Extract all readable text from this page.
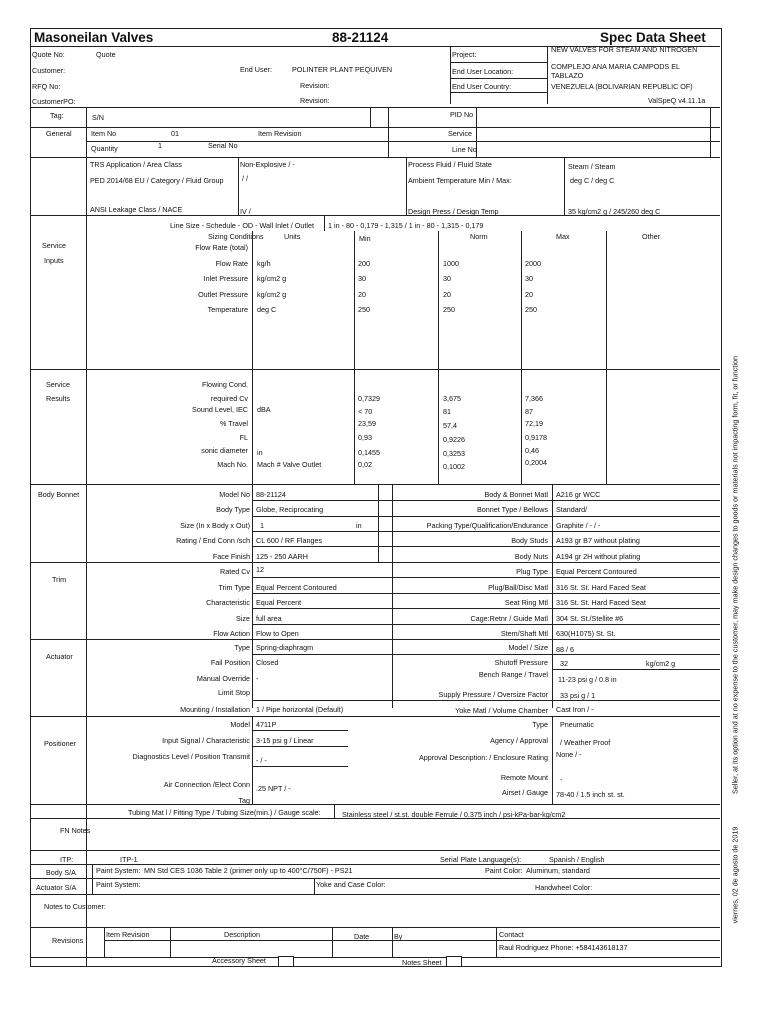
Masoneilan Valves	88-21124	Spec Data Sheet
Quote No:	Quote
Customer:	End User:	POLINTER PLANT PEQUIVEN
RFQ No:	Revision:
CustomerPO:	Revision:
Project:
NEW VALVES FOR STEAM AND NITROGEN
End User Location:
COMPLEJO ANA MARIA CAMPODS EL
TABLAZO
End User Country:	VENEZUELA (BOLIVARIAN REPUBLIC OF)
ValSpeQ v4.11.1a
Tag:	S/N	PID No
General	Item No	01	Item Revision	Service
Quantity	1	Serial No	Line No
TRS Application / Area Class	Non-Explosive / -	Process Fluid / Fluid State	Steam / Steam
PED 2014/68 EU / Category / Fluid Group	/ /	Ambient Temperature Min / Max:	deg C / deg C
ANSI Leakage Class / NACE	IV /	Design Press / Design Temp	35 kg/cm2 g / 245/260 deg C
Line Size - Schedule - OD - Wall Inlet / Outlet 1 in - 80 - 0,179 - 1,315 / 1 in - 80 - 1,315 - 0,179
Service
Inputs
Sizing Conditions	Units	Min	Norm	Max	Other
Flow Rate (total)
Flow Rate kg/h	200	1000	2000
Inlet Pressure kg/cm2 g	30	30	30
Outlet Pressure kg/cm2 g	20	20	20
Temperature deg C	250	250	250
Service
Results
Flowing Cond.
required Cv	0,7329	3,675	7,366
Sound Level, IEC dBA	< 70	81	87
% Travel	23,59	57,4	72,19
FL	0,93	0,9226	0,9178
sonic diameter in	0,1455	0,3253	0,46
Mach No. Mach # Valve Outlet	0,02	0,1002	0,2004
Body Bonnet	Model No 88-21124	Body & Bonnet Matl A216 gr WCC
Body Type Globe, Reciprocating	Bonnet Type / Bellows Standard/
Size (In x Body x Out) 1	in	Packing Type/Qualification/Endurance Graphite / - / -
Rating / End Conn /sch CL 600 / RF Flanges	Body Studs A193 gr B7 without plating
Face Finish 125 - 250 AARH	Body Nuts A194 gr 2H without plating
Trim
Rated Cv 12	Plug Type Equal Percent Contoured
Trim Type Equal Percent Contoured	Plug/Ball/Disc Matl 316 St. St. Hard Faced Seat
Characteristic Equal Percent	Seat Ring Mtl 316 St. St. Hard Faced Seat
Size full area	Cage:Retnr / Guide Matl 304 St. St./Stellite #6
Flow Action Flow to Open	Stem/Shaft Mtl 630(H1075) St. St.
Actuator
Type Spring-diaphragm	Model / Size 88 / 6
Fail Position Closed	Shutoff Pressure 32	kg/cm2 g
Manual Override -	Bench Range / Travel
11-23 psi g / 0.8 in
Limit Stop	Supply Pressure / Oversize Factor 33 psi g / 1
Mounting / Installation 1 / Pipe horizontal (Default)	Yoke Matl / Volume Chamber Cast Iron / -
Positioner
Model 4711P	Type Pneumatic
Input Signal / Characteristic 3-15 psi g / Linear	Agency / Approval / Weather Proof
Diagnostics Level / Position Transmit - / -	Approval Description: / Enclosure Rating None / -
Remote Mount -
Air Connection /Elect Conn .25 NPT / -	Airset / Gauge 78-40 / 1.5 inch st. st.
Tag
Tubing Mat l / Fitting Type / Tubing Size(min.) / Gauge scale:	Stainless steel / st.st. double Ferrule / 0.375 inch / psi-kPa-bar-kg/cm2
FN Notes
ITP:	ITP-1	Serial Plate Language(s):	Spanish / English
Body S/A	Paint System: MN Std CES 1036 Table 2 (primer only up to 400°C/750F) - PS21	Paint Color: Aluminum, standard
Actuator S/A	Paint System:	Yoke and Case Color:	Handwheel Color:
Notes to Customer:
Revisions
Item Revision	Description	Date	By	Contact
Raul Rodriguez Phone: +584143618137
Accessory Sheet	Notes Sheet
viernes, 02 de agosto de 2019
Seller, at its option and at no expense to the customer, may make design changes to goods or materials not impacting form, fit, or function
